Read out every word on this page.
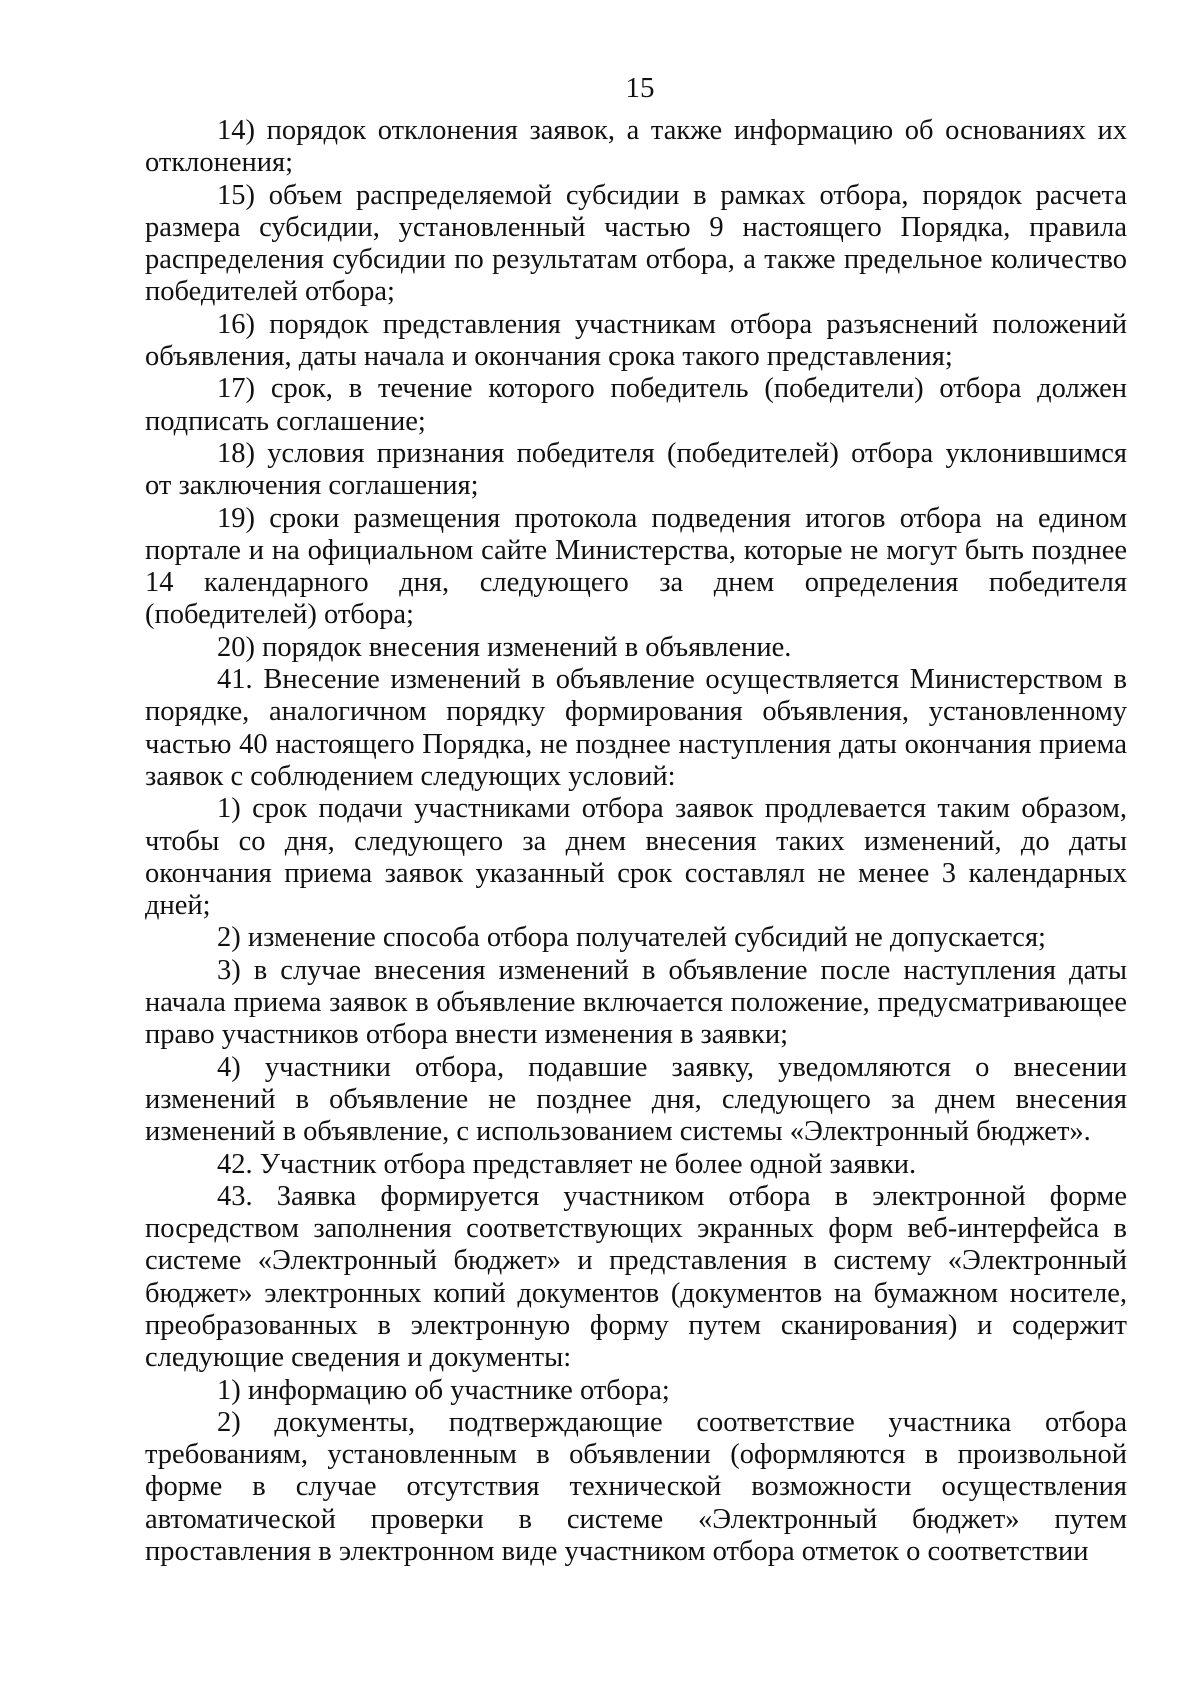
15

14) порядок отклонения заявок, а также информацию об основаниях их отклонения;

15) объем распределяемой субсидии в рамках отбора, порядок расчета размера субсидии, установленный частью 9 настоящего Порядка, правила распределения субсидии по результатам отбора, а также предельное количество победителей отбора;

16) порядок представления участникам отбора разъяснений положений объявления, даты начала и окончания срока такого представления;

17) срок, в течение которого победитель (победители) отбора должен подписать соглашение;

18) условия признания победителя (победителей) отбора уклонившимся от заключения соглашения;

19) сроки размещения протокола подведения итогов отбора на едином портале и на официальном сайте Министерства, которые не могут быть позднее 14 календарного дня, следующего за днем определения победителя (победителей) отбора;

20) порядок внесения изменений в объявление.

41. Внесение изменений в объявление осуществляется Министерством в порядке, аналогичном порядку формирования объявления, установленному частью 40 настоящего Порядка, не позднее наступления даты окончания приема заявок с соблюдением следующих условий:

1) срок подачи участниками отбора заявок продлевается таким образом, чтобы со дня, следующего за днем внесения таких изменений, до даты окончания приема заявок указанный срок составлял не менее 3 календарных дней;

2) изменение способа отбора получателей субсидий не допускается;

3) в случае внесения изменений в объявление после наступления даты начала приема заявок в объявление включается положение, предусматривающее право участников отбора внести изменения в заявки;

4) участники отбора, подавшие заявку, уведомляются о внесении изменений в объявление не позднее дня, следующего за днем внесения изменений в объявление, с использованием системы «Электронный бюджет».

42. Участник отбора представляет не более одной заявки.

43. Заявка формируется участником отбора в электронной форме посредством заполнения соответствующих экранных форм веб-интерфейса в системе «Электронный бюджет» и представления в систему «Электронный бюджет» электронных копий документов (документов на бумажном носителе, преобразованных в электронную форму путем сканирования) и содержит следующие сведения и документы:

1) информацию об участнике отбора;

2) документы, подтверждающие соответствие участника отбора требованиям, установленным в объявлении (оформляются в произвольной форме в случае отсутствия технической возможности осуществления автоматической проверки в системе «Электронный бюджет» путем проставления в электронном виде участником отбора отметок о соответствии
